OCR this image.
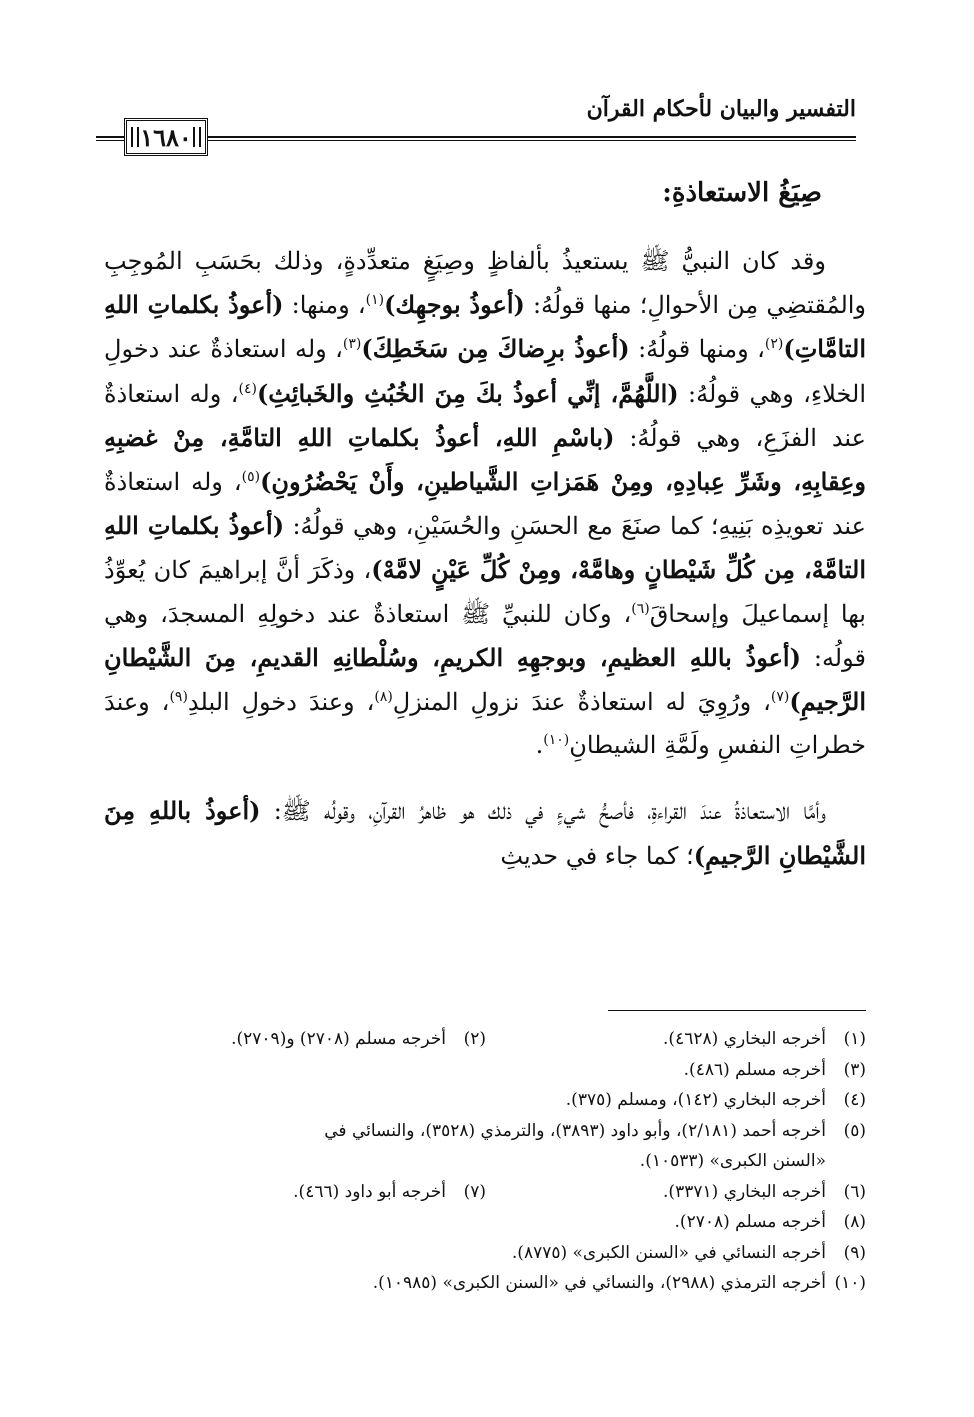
التفسير والبيان لأحكام القرآن
١٦٨٠
صِيَغُ الاستعاذةِ:

وقد كان النبيُّ ﷺ يستعيذُ بألفاظٍ وصِيَغٍ متعدِّدةٍ، وذلك بحَسَبِ المُوجِبِ والمُقتضِي مِن الأحوالِ؛ منها قولُهُ: (أعوذُ بوجهِك)$^{(١)}$، ومنها: (أعوذُ بكلماتِ اللهِ التامَّاتِ)$^{(٢)}$، ومنها قولُهُ: (أعوذُ برِضاكَ مِن سَخَطِكَ)$^{(٣)}$، وله استعاذةٌ عند دخولِ الخلاءِ، وهي قولُهُ: (اللَّهُمَّ، إنِّي أعوذُ بكَ مِنَ الخُبُثِ والخَبائِثِ)$^{(٤)}$، وله استعاذةٌ عند الفزَعِ، وهي قولُهُ: (باسْمِ اللهِ، أعوذُ بكلماتِ اللهِ التامَّةِ، مِنْ غضبِهِ وعِقابِهِ، وشَرِّ عِبادِهِ، ومِنْ هَمَزاتِ الشَّياطينِ، وأَنْ يَحْضُرُونِ)$^{(٥)}$، وله استعاذةٌ عند تعويذِه بَنِيهِ؛ كما صنَعَ مع الحسَنِ والحُسَيْنِ، وهي قولُهُ: (أعوذُ بكلماتِ اللهِ التامَّهْ، مِن كُلِّ شَيْطانٍ وهامَّهْ، ومِنْ كُلِّ عَيْنٍ لامَّهْ)، وذكَرَ أنَّ إبراهيمَ كان يُعوِّذُ بها إسماعيلَ وإسحاقَ$^{(٦)}$، وكان للنبيِّ ﷺ استعاذةٌ عند دخولِهِ المسجدَ، وهي قولُه: (أعوذُ باللهِ العظيمِ، وبوجهِهِ الكريمِ، وسُلْطانِهِ القديمِ، مِنَ الشَّيْطانِ الرَّجيمِ)$^{(٧)}$، ورُوِيَ له استعاذةٌ عندَ نزولِ المنزلِ$^{(٨)}$، وعندَ دخولِ البلدِ$^{(٩)}$، وعندَ خطراتِ النفسِ ولَمَّةِ الشيطانِ$^{(١٠)}$.

وأمَّا الاستعاذةُ عندَ القراءةِ، فأصحُّ شيءٍ في ذلك هو ظاهرُ القرآنِ، وقولُه ﷺ: (أعوذُ باللهِ مِنَ الشَّيْطانِ الرَّجيمِ)؛ كما جاء في حديثِ

(١)
أخرجه البخاري (٤٦٢٨).
(٢)
أخرجه مسلم (٢٧٠٨) و(٢٧٠٩).
(٣)
أخرجه مسلم (٤٨٦).
(٤)
أخرجه البخاري (١٤٢)، ومسلم (٣٧٥).
(٥)
أخرجه أحمد (٢/١٨١)، وأبو داود (٣٨٩٣)، والترمذي (٣٥٢٨)، والنسائي في
«السنن الكبرى» (١٠٥٣٣).
(٦)
أخرجه البخاري (٣٣٧١).
(٧)
أخرجه أبو داود (٤٦٦).
(٨)
أخرجه مسلم (٢٧٠٨).
(٩)
أخرجه النسائي في «السنن الكبرى» (٨٧٧٥).
(١٠)
أخرجه الترمذي (٢٩٨٨)، والنسائي في «السنن الكبرى» (١٠٩٨٥).
